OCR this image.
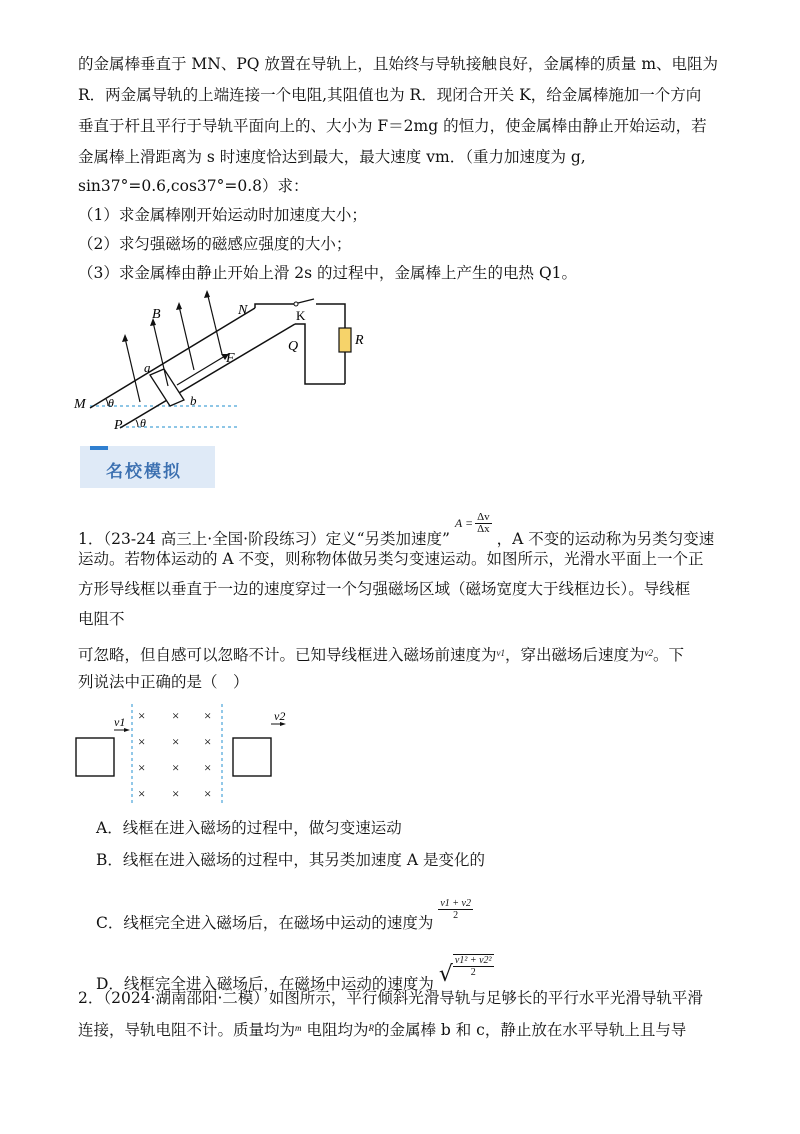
的金属棒垂直于 MN、PQ 放置在导轨上，且始终与导轨接触良好，金属棒的质量 m、电阻为
R．两金属导轨的上端连接一个电阻,其阻值也为 R．现闭合开关 K，给金属棒施加一个方向
垂直于杆且平行于导轨平面向上的、大小为 F＝2mg 的恒力，使金属棒由静止开始运动，若
金属棒上滑距离为 s 时速度恰达到最大，最大速度 vm．（重力加速度为 g,
sin37°=0.6,cos37°=0.8）求：
（1）求金属棒刚开始运动时加速度大小；
（2）求匀强磁场的磁感应强度的大小；
（3）求金属棒由静止开始上滑 2s 的过程中，金属棒上产生的电热 Q1。
B	N	K
R
Q
a
F
M θ	b
P θ
名校模拟
1．（23-24 高三上·全国·阶段练习）定义“另类加速度”
$A = \frac{\Delta v}{\Delta x}$
，A 不变的运动称为另类匀变速
运动。若物体运动的 A 不变，则称物体做另类匀变速运动。如图所示，光滑水平面上一个正
方形导线框以垂直于一边的速度穿过一个匀强磁场区域（磁场宽度大于线框边长）。导线框
电阻不
可忽略，但自感可以忽略不计。已知导线框进入磁场前速度为$^{v1}$，穿出磁场后速度为$^{v2}$。下
列说法中正确的是（　）
v1 × × ×
× × ×
× × ×
× × ×
v2
A．线框在进入磁场的过程中，做匀变速运动
B．线框在进入磁场的过程中，其另类加速度 A 是变化的
C．线框完全进入磁场后，在磁场中运动的速度为
$\frac{v1 + v2}{2}$
D．线框完全进入磁场后，在磁场中运动的速度为 √ $\frac{\text{v1² + v2²}}{2}$
2．（2024·湖南邵阳·二模）如图所示，平行倾斜光滑导轨与足够长的平行水平光滑导轨平滑
连接，导轨电阻不计。质量均为$^m$ 电阻均为$^R$的金属棒 b 和 c，静止放在水平导轨上且与导
